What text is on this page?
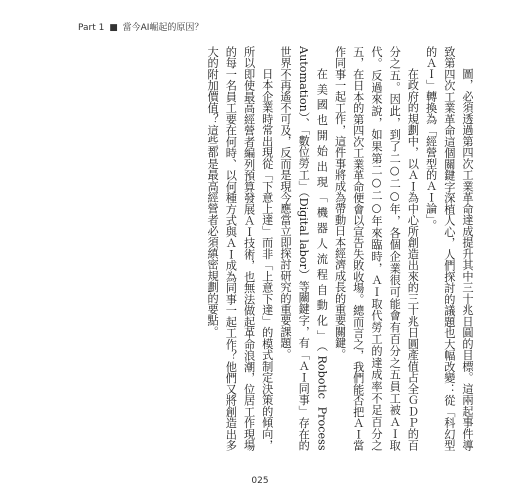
Part 1 ■ 當今AI崛起的原因？

圖，必須透過第四次工業革命達成提升其中三十兆日圓的目標。這兩起事件導致第四次工業革命這個關鍵字深植人心，人們探討的議題也大幅改變：從「科幻型的ＡＩ」轉換為「經營型的ＡＩ論」。

在政府的規劃中，以ＡＩ為中心所創造出來的三十兆日圓產值占全ＧＤＰ的百分之五。因此，到了二○二○年，各個企業很可能會有百分之五員工被ＡＩ取代。反過來說，如果第二○二○年來臨時，ＡＩ取代勞工的達成率不足百分之五，在日本的第四次工業革命便會以宣告失敗收場。總而言之，我們能否把ＡＩ當作同事一起工作，這件事將成為帶動日本經濟成長的重要關鍵。

在美國也開始出現「機器人流程自動化」（Robotic Process Automation）、「數位勞工」（Digital labor）等關鍵字，有「ＡＩ同事」存在的世界不再遙不可及，反而是現今應當立即探討研究的重要課題。

日本企業時常出現從「下意上達」而非「上意下達」的模式制定決策的傾向，所以即使最高經營者編列預算發展ＡＩ技術，也無法做起革命浪潮，位居工作現場的每一名員工要在何時、以何種方式與ＡＩ成為同事一起工作？他們又將創造出多大的附加價值？這些都是最高經營者必須縝密規劃的要點。

025
